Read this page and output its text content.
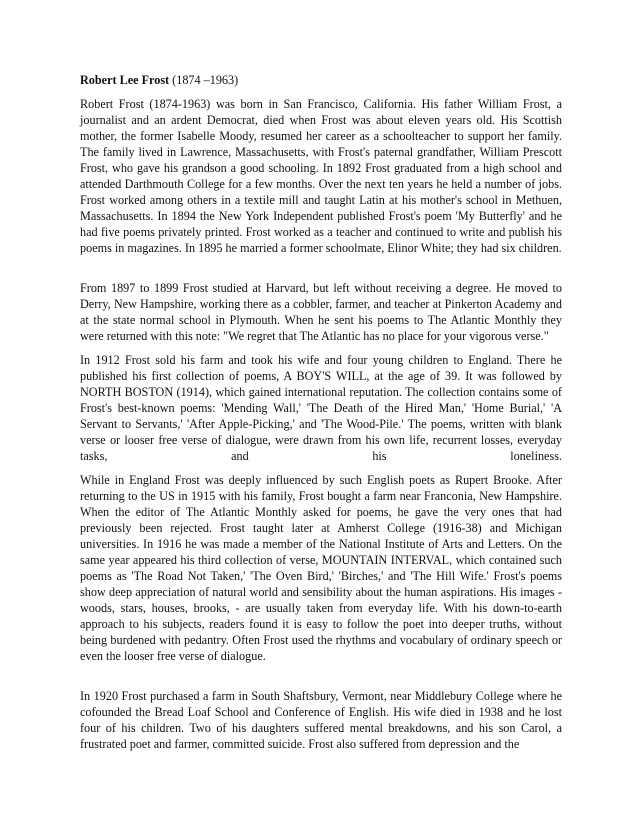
Robert Lee Frost (1874 –1963)

Robert Frost (1874-1963) was born in San Francisco, California. His father William Frost, a journalist and an ardent Democrat, died when Frost was about eleven years old. His Scottish mother, the former Isabelle Moody, resumed her career as a schoolteacher to support her family. The family lived in Lawrence, Massachusetts, with Frost's paternal grandfather, William Prescott Frost, who gave his grandson a good schooling. In 1892 Frost graduated from a high school and attended Darthmouth College for a few months. Over the next ten years he held a number of jobs. Frost worked among others in a textile mill and taught Latin at his mother's school in Methuen, Massachusetts. In 1894 the New York Independent published Frost's poem 'My Butterfly' and he had five poems privately printed. Frost worked as a teacher and continued to write and publish his poems in magazines. In 1895 he married a former schoolmate, Elinor White; they had six children.

From 1897 to 1899 Frost studied at Harvard, but left without receiving a degree. He moved to Derry, New Hampshire, working there as a cobbler, farmer, and teacher at Pinkerton Academy and at the state normal school in Plymouth. When he sent his poems to The Atlantic Monthly they were returned with this note: "We regret that The Atlantic has no place for your vigorous verse."

In 1912 Frost sold his farm and took his wife and four young children to England. There he published his first collection of poems, A BOY'S WILL, at the age of 39. It was followed by NORTH BOSTON (1914), which gained international reputation. The collection contains some of Frost's best-known poems: 'Mending Wall,' 'The Death of the Hired Man,' 'Home Burial,' 'A Servant to Servants,' 'After Apple-Picking,' and 'The Wood-Pile.' The poems, written with blank verse or looser free verse of dialogue, were drawn from his own life, recurrent losses, everyday tasks, and his loneliness.

While in England Frost was deeply influenced by such English poets as Rupert Brooke. After returning to the US in 1915 with his family, Frost bought a farm near Franconia, New Hampshire. When the editor of The Atlantic Monthly asked for poems, he gave the very ones that had previously been rejected. Frost taught later at Amherst College (1916-38) and Michigan universities. In 1916 he was made a member of the National Institute of Arts and Letters. On the same year appeared his third collection of verse, MOUNTAIN INTERVAL, which contained such poems as 'The Road Not Taken,' 'The Oven Bird,' 'Birches,' and 'The Hill Wife.' Frost's poems show deep appreciation of natural world and sensibility about the human aspirations. His images - woods, stars, houses, brooks, - are usually taken from everyday life. With his down-to-earth approach to his subjects, readers found it is easy to follow the poet into deeper truths, without being burdened with pedantry. Often Frost used the rhythms and vocabulary of ordinary speech or even the looser free verse of dialogue.

In 1920 Frost purchased a farm in South Shaftsbury, Vermont, near Middlebury College where he cofounded the Bread Loaf School and Conference of English. His wife died in 1938 and he lost four of his children. Two of his daughters suffered mental breakdowns, and his son Carol, a frustrated poet and farmer, committed suicide. Frost also suffered from depression and the
